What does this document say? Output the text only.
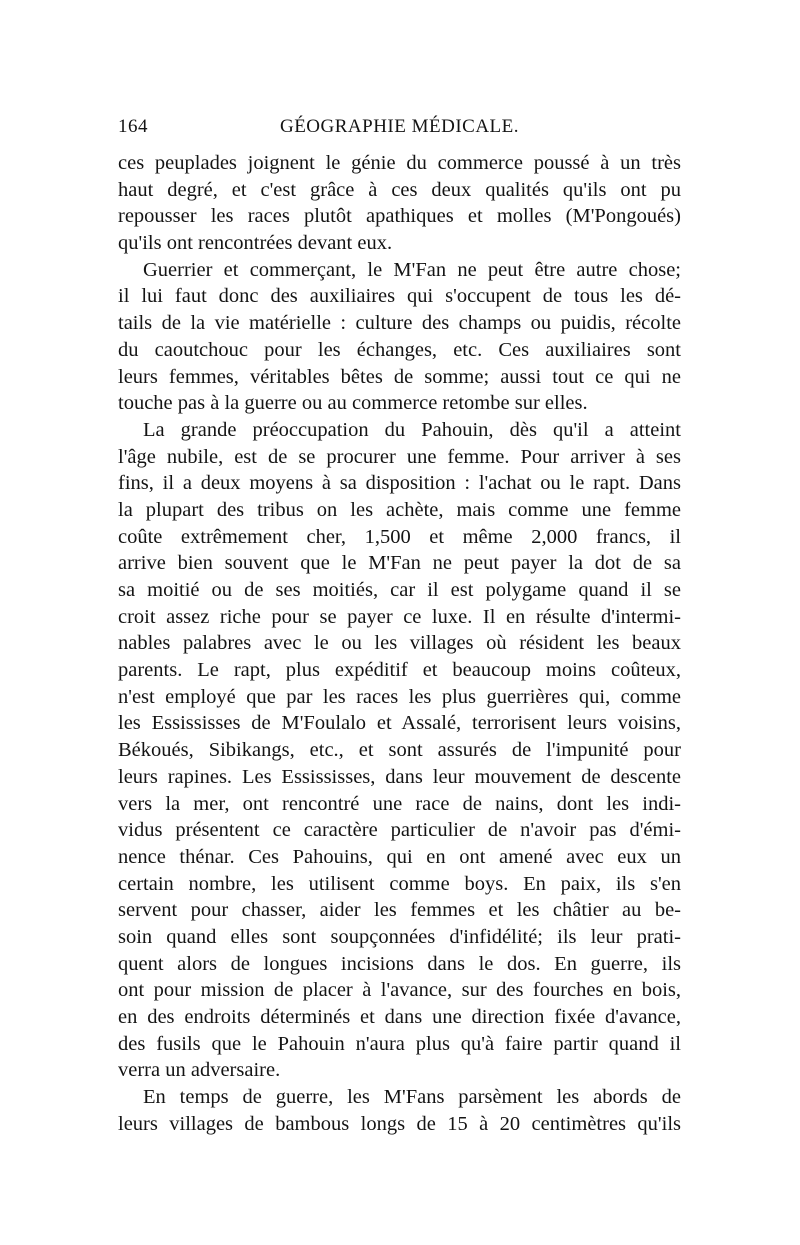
164	GÉOGRAPHIE MÉDICALE.
ces peuplades joignent le génie du commerce poussé à un très
haut degré, et c'est grâce à ces deux qualités qu'ils ont pu
repousser les races plutôt apathiques et molles (M'Pongoués)
qu'ils ont rencontrées devant eux.
Guerrier et commerçant, le M'Fan ne peut être autre chose;
il lui faut donc des auxiliaires qui s'occupent de tous les dé-
tails de la vie matérielle : culture des champs ou puidis, récolte
du caoutchouc pour les échanges, etc. Ces auxiliaires sont
leurs femmes, véritables bêtes de somme; aussi tout ce qui ne
touche pas à la guerre ou au commerce retombe sur elles.
La grande préoccupation du Pahouin, dès qu'il a atteint
l'âge nubile, est de se procurer une femme. Pour arriver à ses
fins, il a deux moyens à sa disposition : l'achat ou le rapt. Dans
la plupart des tribus on les achète, mais comme une femme
coûte extrêmement cher, 1,500 et même 2,000 francs, il
arrive bien souvent que le M'Fan ne peut payer la dot de sa
sa moitié ou de ses moitiés, car il est polygame quand il se
croit assez riche pour se payer ce luxe. Il en résulte d'intermi-
nables palabres avec le ou les villages où résident les beaux
parents. Le rapt, plus expéditif et beaucoup moins coûteux,
n'est employé que par les races les plus guerrières qui, comme
les Essississes de M'Foulalo et Assalé, terrorisent leurs voisins,
Békoués, Sibikangs, etc., et sont assurés de l'impunité pour
leurs rapines. Les Essississes, dans leur mouvement de descente
vers la mer, ont rencontré une race de nains, dont les indi-
vidus présentent ce caractère particulier de n'avoir pas d'émi-
nence thénar. Ces Pahouins, qui en ont amené avec eux un
certain nombre, les utilisent comme boys. En paix, ils s'en
servent pour chasser, aider les femmes et les châtier au be-
soin quand elles sont soupçonnées d'infidélité; ils leur prati-
quent alors de longues incisions dans le dos. En guerre, ils
ont pour mission de placer à l'avance, sur des fourches en bois,
en des endroits déterminés et dans une direction fixée d'avance,
des fusils que le Pahouin n'aura plus qu'à faire partir quand il
verra un adversaire.
En temps de guerre, les M'Fans parsèment les abords de
leurs villages de bambous longs de 15 à 20 centimètres qu'ils
